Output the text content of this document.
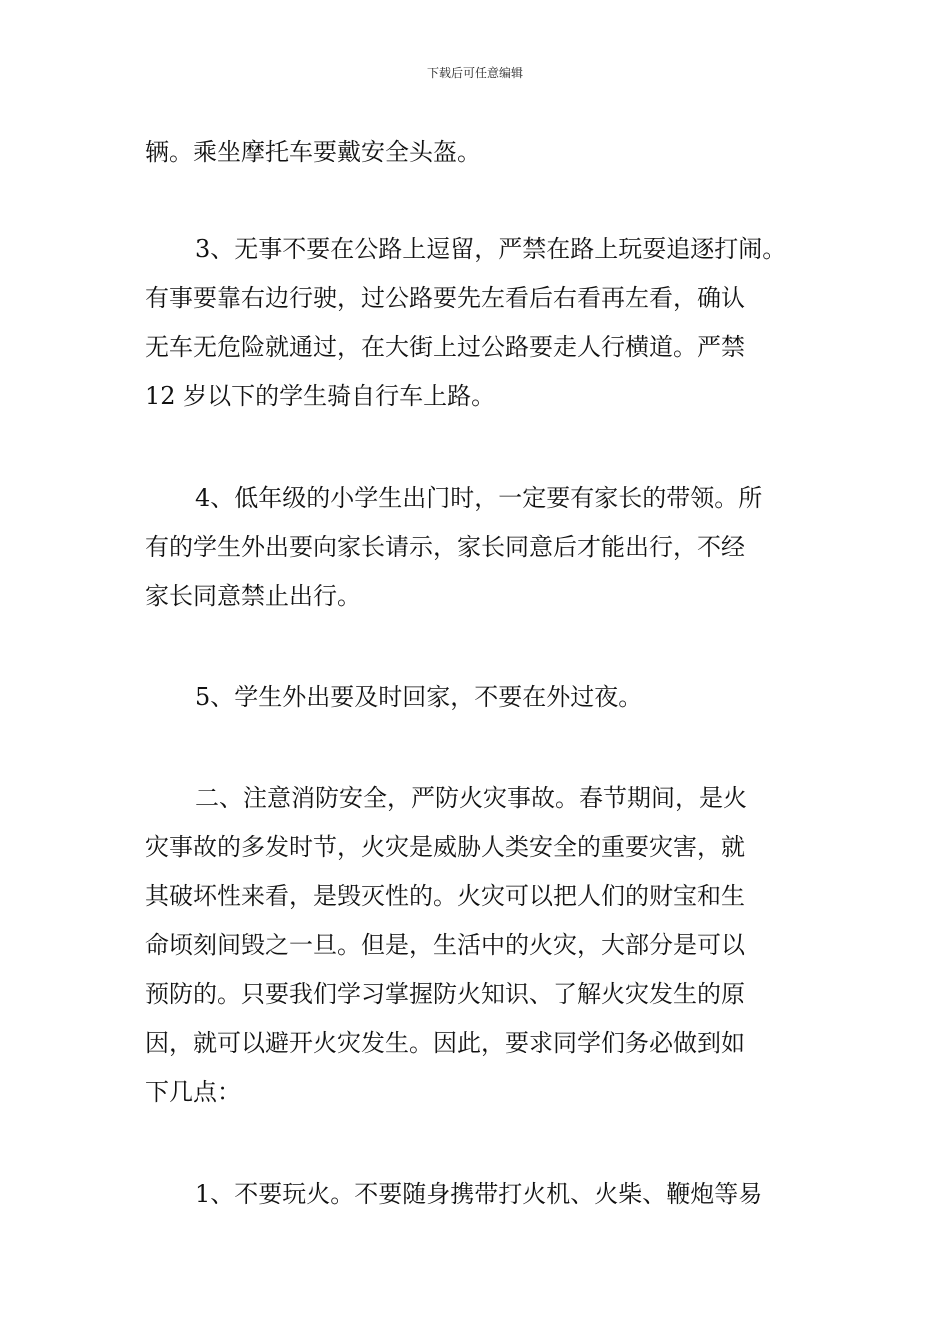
下载后可任意编辑
辆。乘坐摩托车要戴安全头盔。
3、无事不要在公路上逗留，严禁在路上玩耍追逐打闹。
有事要靠右边行驶，过公路要先左看后右看再左看，确认
无车无危险就通过，在大街上过公路要走人行横道。严禁
12 岁以下的学生骑自行车上路。
4、低年级的小学生出门时，一定要有家长的带领。所
有的学生外出要向家长请示，家长同意后才能出行，不经
家长同意禁止出行。
5、学生外出要及时回家，不要在外过夜。
二、注意消防安全，严防火灾事故。春节期间，是火
灾事故的多发时节，火灾是威胁人类安全的重要灾害，就
其破坏性来看，是毁灭性的。火灾可以把人们的财宝和生
命顷刻间毁之一旦。但是，生活中的火灾，大部分是可以
预防的。只要我们学习掌握防火知识、了解火灾发生的原
因，就可以避开火灾发生。因此，要求同学们务必做到如
下几点：
1、不要玩火。不要随身携带打火机、火柴、鞭炮等易
